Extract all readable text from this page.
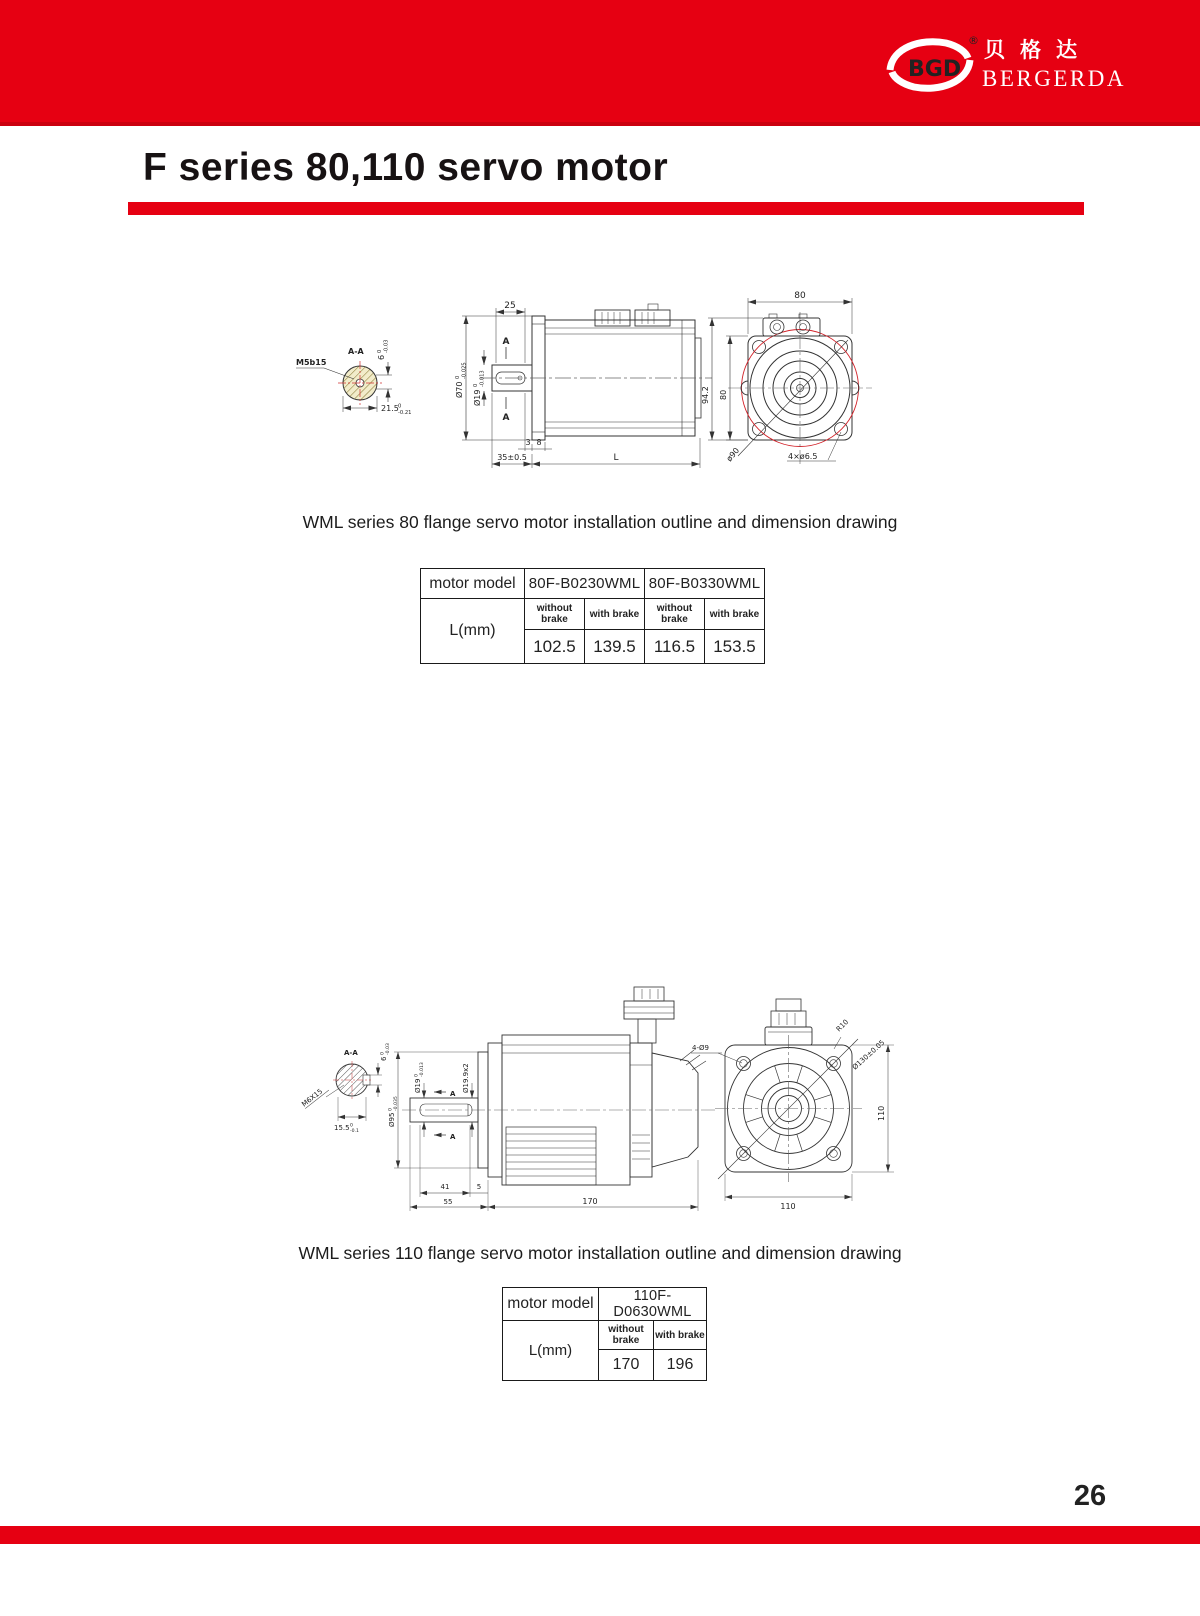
BGD
® 贝格达
BERGERDA
F series 80,110 servo motor
M5b15
A-A
6
0 -0.03
21.5 0
-0.21
25
A
A
Ø70
0 -0.025
Ø19
0 -0.013
3 8
35±0.5	L
80
94.2 80
ø90	4×ø6.5
WML series 80 flange servo motor installation outline and dimension drawing
motor model	80F-B0230WML		80F-B0330WML	
L(mm)	without brake	with brake	without brake	with brake
	102.5	139.5	116.5	153.5
A-A
M6X15
6
0 -0.03
15.5 0
-0.1
Ø95
0 -0.035
Ø19
0 -0.013	Ø19.9x2
A
A
41	5
55	170
4-Ø9
R10
Ø130±0.05
110
110
WML series 110 flange servo motor installation outline and dimension drawing
motor model	110F-D0630WML	
L(mm)	without brake	with brake
	170	196
26
